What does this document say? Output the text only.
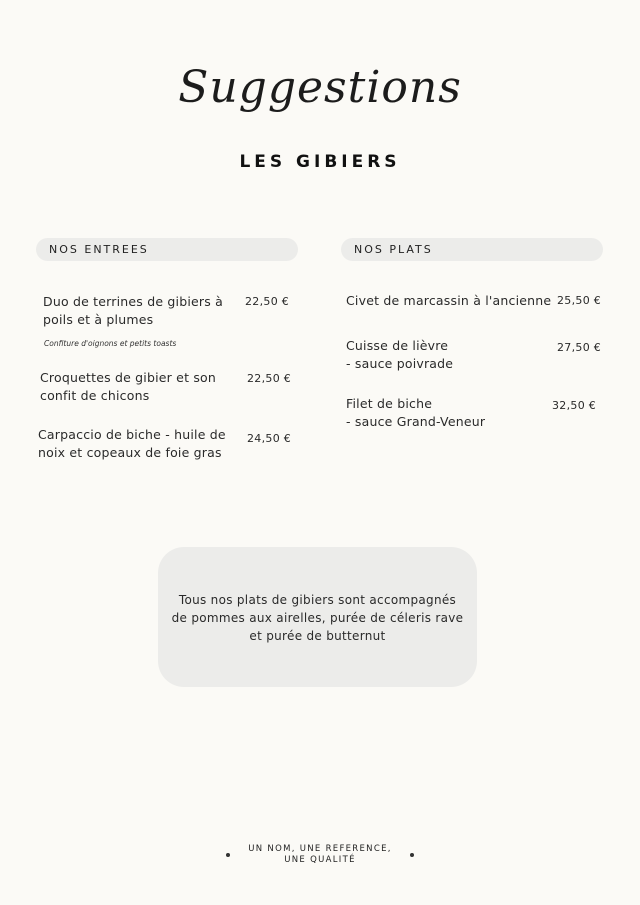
Suggestions
LES GIBIERS
NOS ENTREES
Duo de terrines de gibiers à
poils et à plumes
22,50 €
Confiture d'oignons et petits toasts
Croquettes de gibier et son
confit de chicons
22,50 €
Carpaccio de biche - huile de
noix et copeaux de foie gras
24,50 €
NOS PLATS
Civet de marcassin à l'ancienne 25,50 €
Cuisse de lièvre
- sauce poivrade
27,50 €
Filet de biche
- sauce Grand-Veneur
32,50 €
Tous nos plats de gibiers sont accompagnés
de pommes aux airelles, purée de céleris rave
et purée de butternut
UN NOM, UNE REFERENCE,
UNE QUALITÉ
